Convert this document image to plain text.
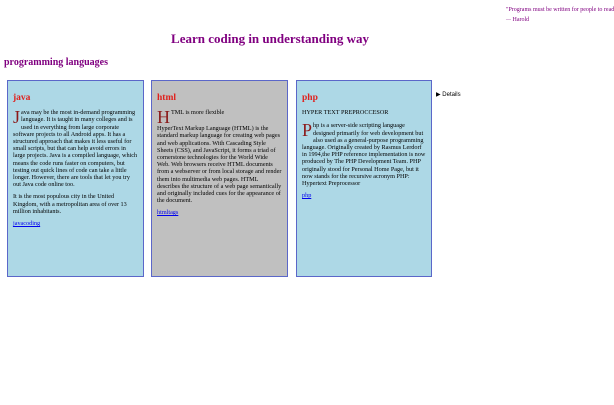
"Programs must be written for people to read
— Harold
Learn coding in understanding way
programming languages
java

Java may be the most in-demand programming language. It is taught in many colleges and is used in everything from large corporate software projects to all Android apps. It has a structured approach that makes it less useful for small scripts, but that can help avoid errors in large projects. Java is a compiled language, which means the code runs faster on computers, but testing out quick lines of code can take a little longer. However, there are tools that let you try out Java code online too.

It is the most populous city in the United Kingdom, with a metropolitan area of over 13 million inhabitants.

javacoding
html

HTML is more flexible

HyperText Markup Language (HTML) is the standard markup language for creating web pages and web applications. With Cascading Style Sheets (CSS), and JavaScript, it forms a triad of cornerstone technologies for the World Wide Web. Web browsers receive HTML documents from a webserver or from local storage and render them into multimedia web pages. HTML describes the structure of a web page semantically and originally included cues for the appearance of the document.

htmltags
php

HYPER TEXT PREPROCCESOR

Php is a server-side scripting language designed primarily for web development but also used as a general-purpose programming language. Originally created by Rasmus Lerdorf in 1994,the PHP reference implementation is now produced by The PHP Development Team. PHP originally stood for Personal Home Page, but it now stands for the recursive acronym PHP: Hypertext Preprocessor

php
▶ Details
